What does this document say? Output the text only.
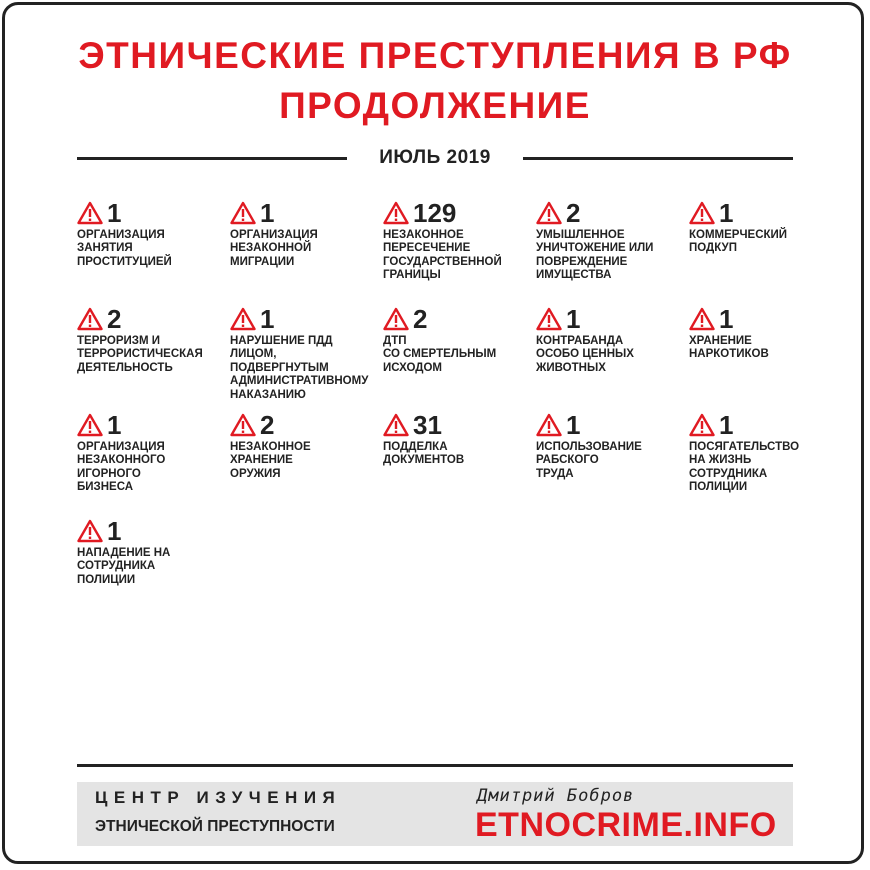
ЭТНИЧЕСКИЕ ПРЕСТУПЛЕНИЯ В РФ
ПРОДОЛЖЕНИЕ
ИЮЛЬ 2019
1
ОРГАНИЗАЦИЯ
ЗАНЯТИЯ
ПРОСТИТУЦИЕЙ
1
ОРГАНИЗАЦИЯ
НЕЗАКОННОЙ
МИГРАЦИИ
129
НЕЗАКОННОЕ
ПЕРЕСЕЧЕНИЕ
ГОСУДАРСТВЕННОЙ
ГРАНИЦЫ
2
УМЫШЛЕННОЕ
УНИЧТОЖЕНИЕ ИЛИ
ПОВРЕЖДЕНИЕ
ИМУЩЕСТВА
1
КОММЕРЧЕСКИЙ
ПОДКУП
2
ТЕРРОРИЗМ И
ТЕРРОРИСТИЧЕСКАЯ
ДЕЯТЕЛЬНОСТЬ
1
НАРУШЕНИЕ ПДД
ЛИЦОМ,
ПОДВЕРГНУТЫМ
АДМИНИСТРАТИВНОМУ
НАКАЗАНИЮ
2
ДТП
СО СМЕРТЕЛЬНЫМ
ИСХОДОМ
1
КОНТРАБАНДА
ОСОБО ЦЕННЫХ
ЖИВОТНЫХ
1
ХРАНЕНИЕ
НАРКОТИКОВ
1
ОРГАНИЗАЦИЯ
НЕЗАКОННОГО
ИГОРНОГО
БИЗНЕСА
2
НЕЗАКОННОЕ
ХРАНЕНИЕ
ОРУЖИЯ
31
ПОДДЕЛКА
ДОКУМЕНТОВ
1
ИСПОЛЬЗОВАНИЕ
РАБСКОГО
ТРУДА
1
ПОСЯГАТЕЛЬСТВО
НА ЖИЗНЬ
СОТРУДНИКА
ПОЛИЦИИ
1
НАПАДЕНИЕ НА
СОТРУДНИКА
ПОЛИЦИИ
ЦЕНТР ИЗУЧЕНИЯ
ЭТНИЧЕСКОЙ ПРЕСТУПНОСТИ
Дмитрий Бобров
ETNOCRIME.INFO
